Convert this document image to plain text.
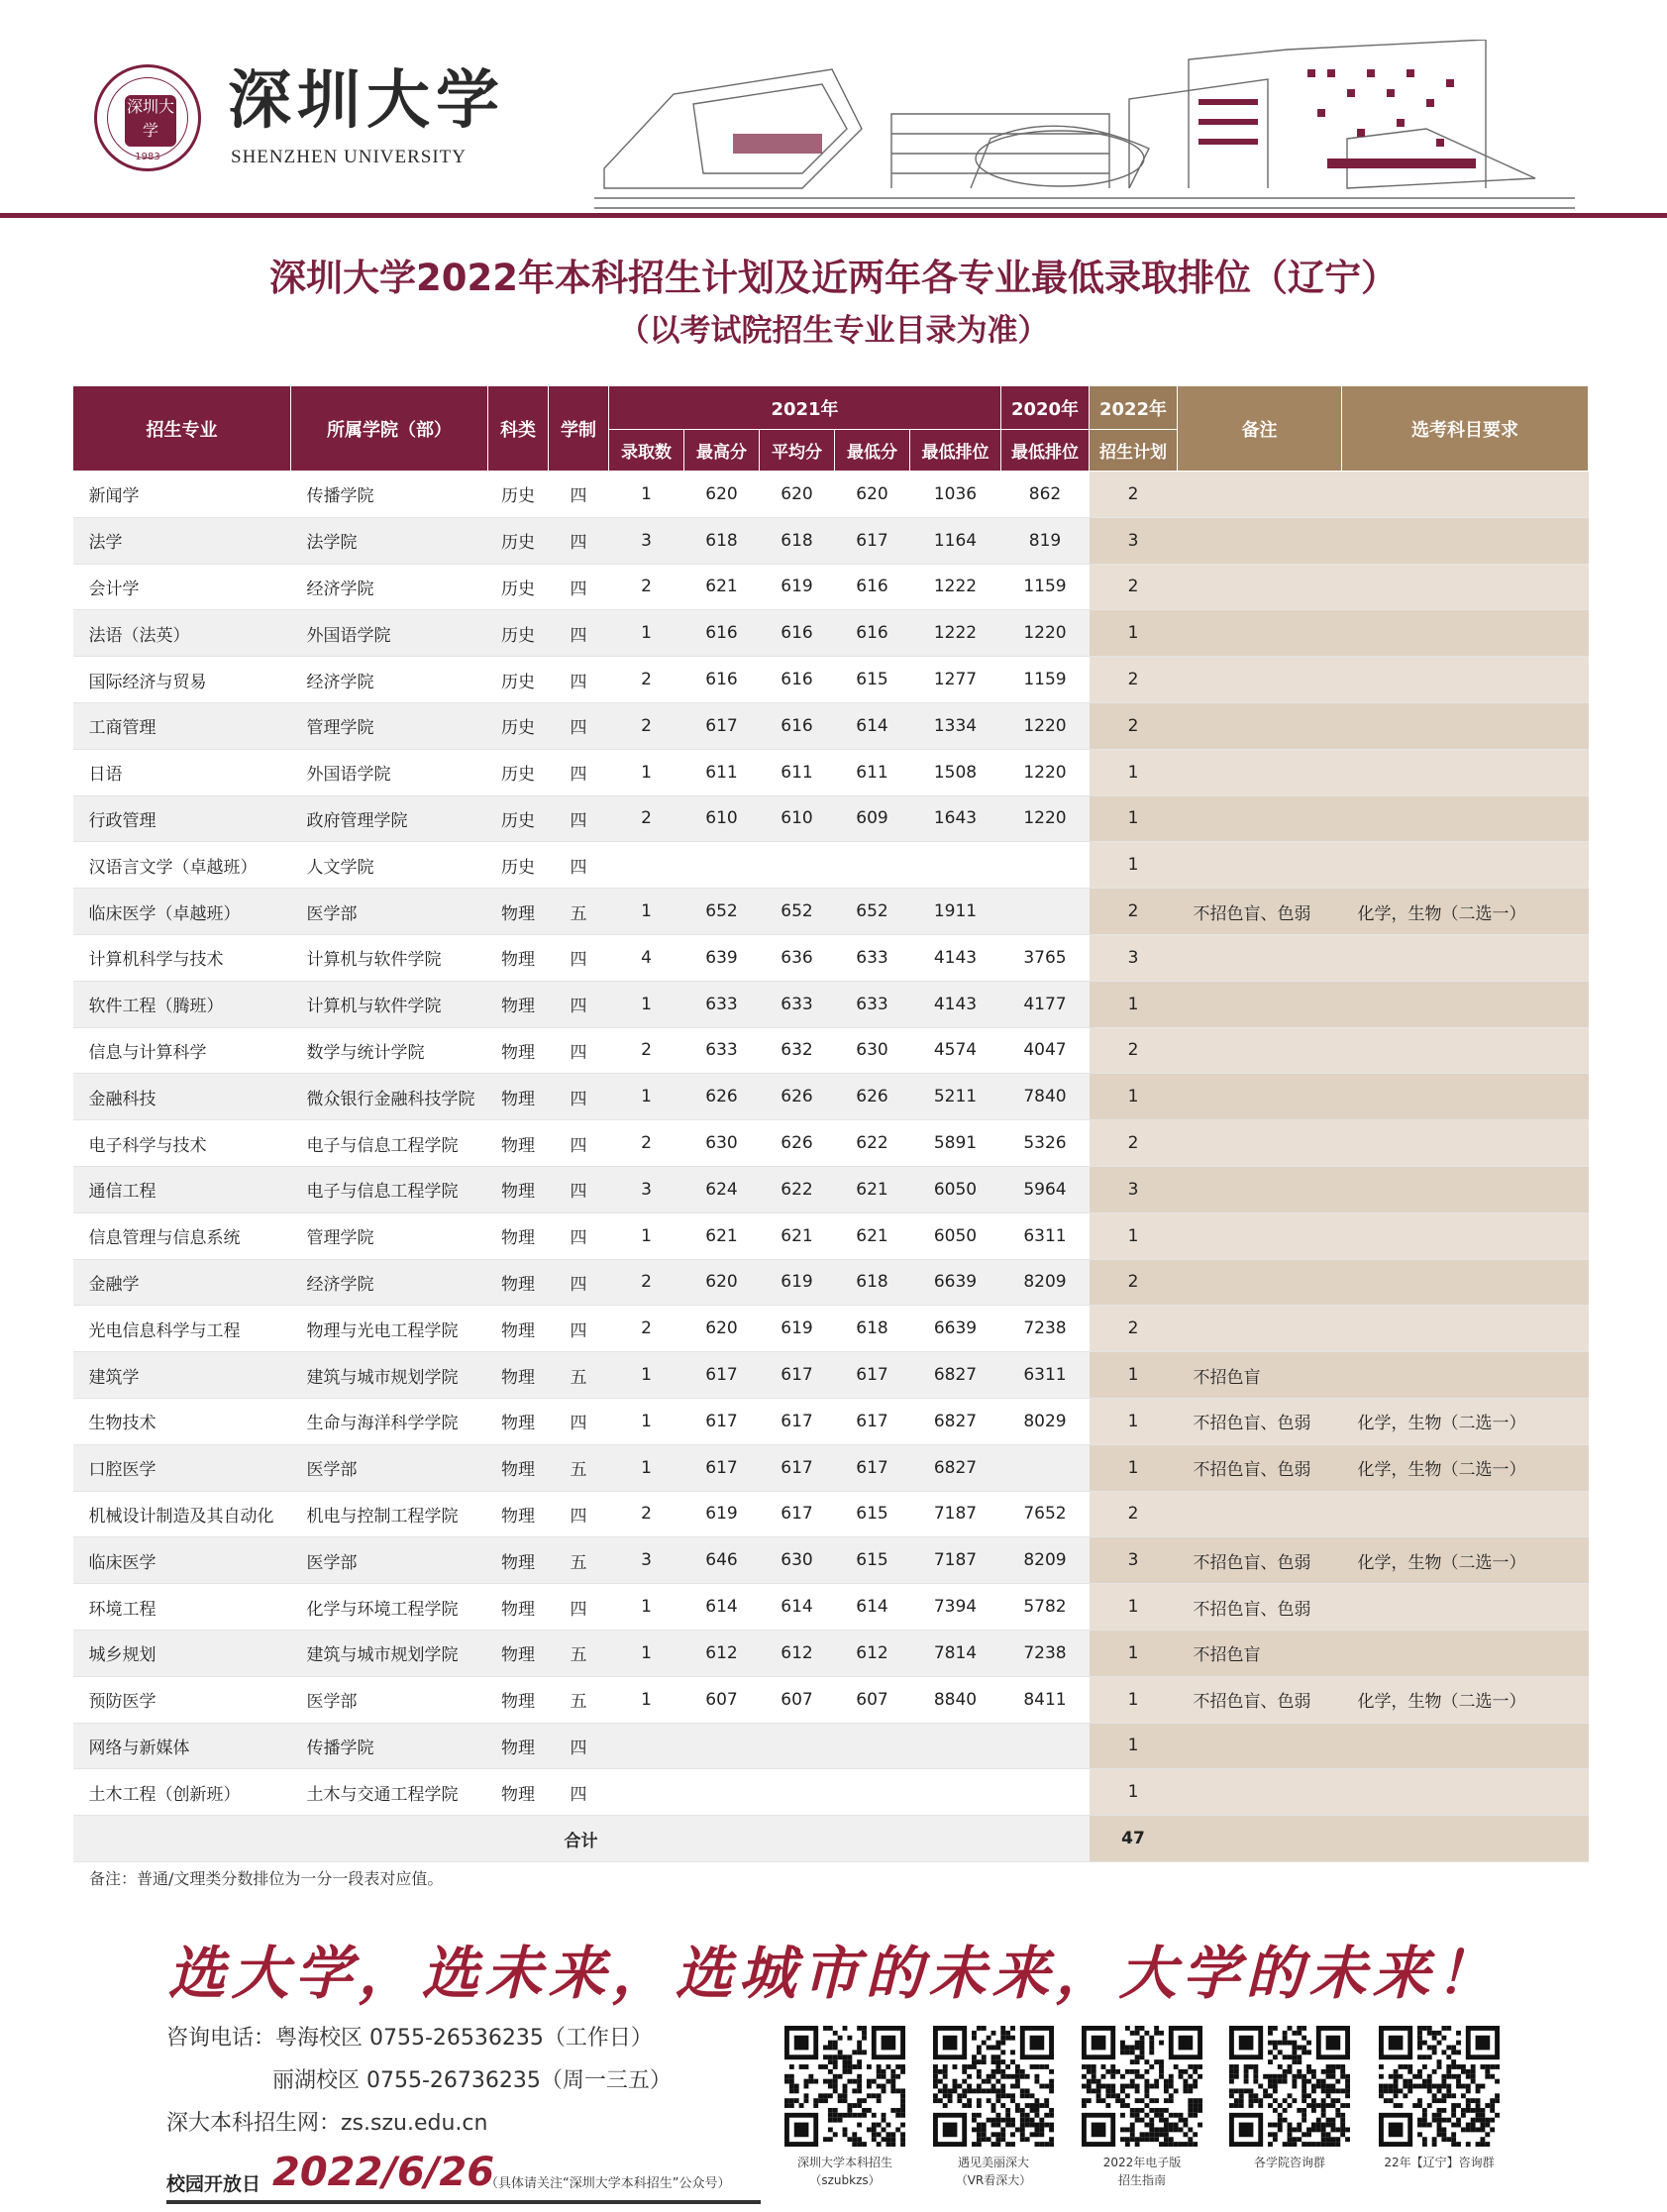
深圳大学
1983
深圳大学
SHENZHEN UNIVERSITY
深圳大学2022年本科招生计划及近两年各专业最低录取排位（辽宁）
（以考试院招生专业目录为准）
招生专业	所属学院（部）	科类	学制	2021年					2020年	2022年	备注	选考科目要求
				录取数	最高分	平均分	最低分	最低排位	最低排位	招生计划		
新闻学	传播学院	历史	四	1	620	620	620	1036	862	2		
法学	法学院	历史	四	3	618	618	617	1164	819	3		
会计学	经济学院	历史	四	2	621	619	616	1222	1159	2		
法语（法英）	外国语学院	历史	四	1	616	616	616	1222	1220	1		
国际经济与贸易	经济学院	历史	四	2	616	616	615	1277	1159	2		
工商管理	管理学院	历史	四	2	617	616	614	1334	1220	2		
日语	外国语学院	历史	四	1	611	611	611	1508	1220	1		
行政管理	政府管理学院	历史	四	2	610	610	609	1643	1220	1		
汉语言文学（卓越班）	人文学院	历史	四							1		
临床医学（卓越班）	医学部	物理	五	1	652	652	652	1911		2	不招色盲、色弱	化学，生物（二选一）
计算机科学与技术	计算机与软件学院	物理	四	4	639	636	633	4143	3765	3		
软件工程（腾班）	计算机与软件学院	物理	四	1	633	633	633	4143	4177	1		
信息与计算科学	数学与统计学院	物理	四	2	633	632	630	4574	4047	2		
金融科技	微众银行金融科技学院	物理	四	1	626	626	626	5211	7840	1		
电子科学与技术	电子与信息工程学院	物理	四	2	630	626	622	5891	5326	2		
通信工程	电子与信息工程学院	物理	四	3	624	622	621	6050	5964	3		
信息管理与信息系统	管理学院	物理	四	1	621	621	621	6050	6311	1		
金融学	经济学院	物理	四	2	620	619	618	6639	8209	2		
光电信息科学与工程	物理与光电工程学院	物理	四	2	620	619	618	6639	7238	2		
建筑学	建筑与城市规划学院	物理	五	1	617	617	617	6827	6311	1	不招色盲	
生物技术	生命与海洋科学学院	物理	四	1	617	617	617	6827	8029	1	不招色盲、色弱	化学，生物（二选一）
口腔医学	医学部	物理	五	1	617	617	617	6827		1	不招色盲、色弱	化学，生物（二选一）
机械设计制造及其自动化	机电与控制工程学院	物理	四	2	619	617	615	7187	7652	2		
临床医学	医学部	物理	五	3	646	630	615	7187	8209	3	不招色盲、色弱	化学，生物（二选一）
环境工程	化学与环境工程学院	物理	四	1	614	614	614	7394	5782	1	不招色盲、色弱	
城乡规划	建筑与城市规划学院	物理	五	1	612	612	612	7814	7238	1	不招色盲	
预防医学	医学部	物理	五	1	607	607	607	8840	8411	1	不招色盲、色弱	化学，生物（二选一）
网络与新媒体	传播学院	物理	四							1		
土木工程（创新班）	土木与交通工程学院	物理	四							1		
合计										47		
备注：普通/文理类分数排位为一分一段表对应值。
选大学，选未来，选城市的未来，大学的未来！
咨询电话：粤海校区 0755-26536235（工作日）
丽湖校区 0755-26736235（周一三五）
深大本科招生网：zs.szu.edu.cn
校园开放日 2022/6/26
（具体请关注“深圳大学本科招生”公众号）
深圳大学本科招生
（szubkzs）
遇见美丽深大
（VR看深大）
2022年电子版
招生指南
各学院咨询群	22年【辽宁】咨询群
